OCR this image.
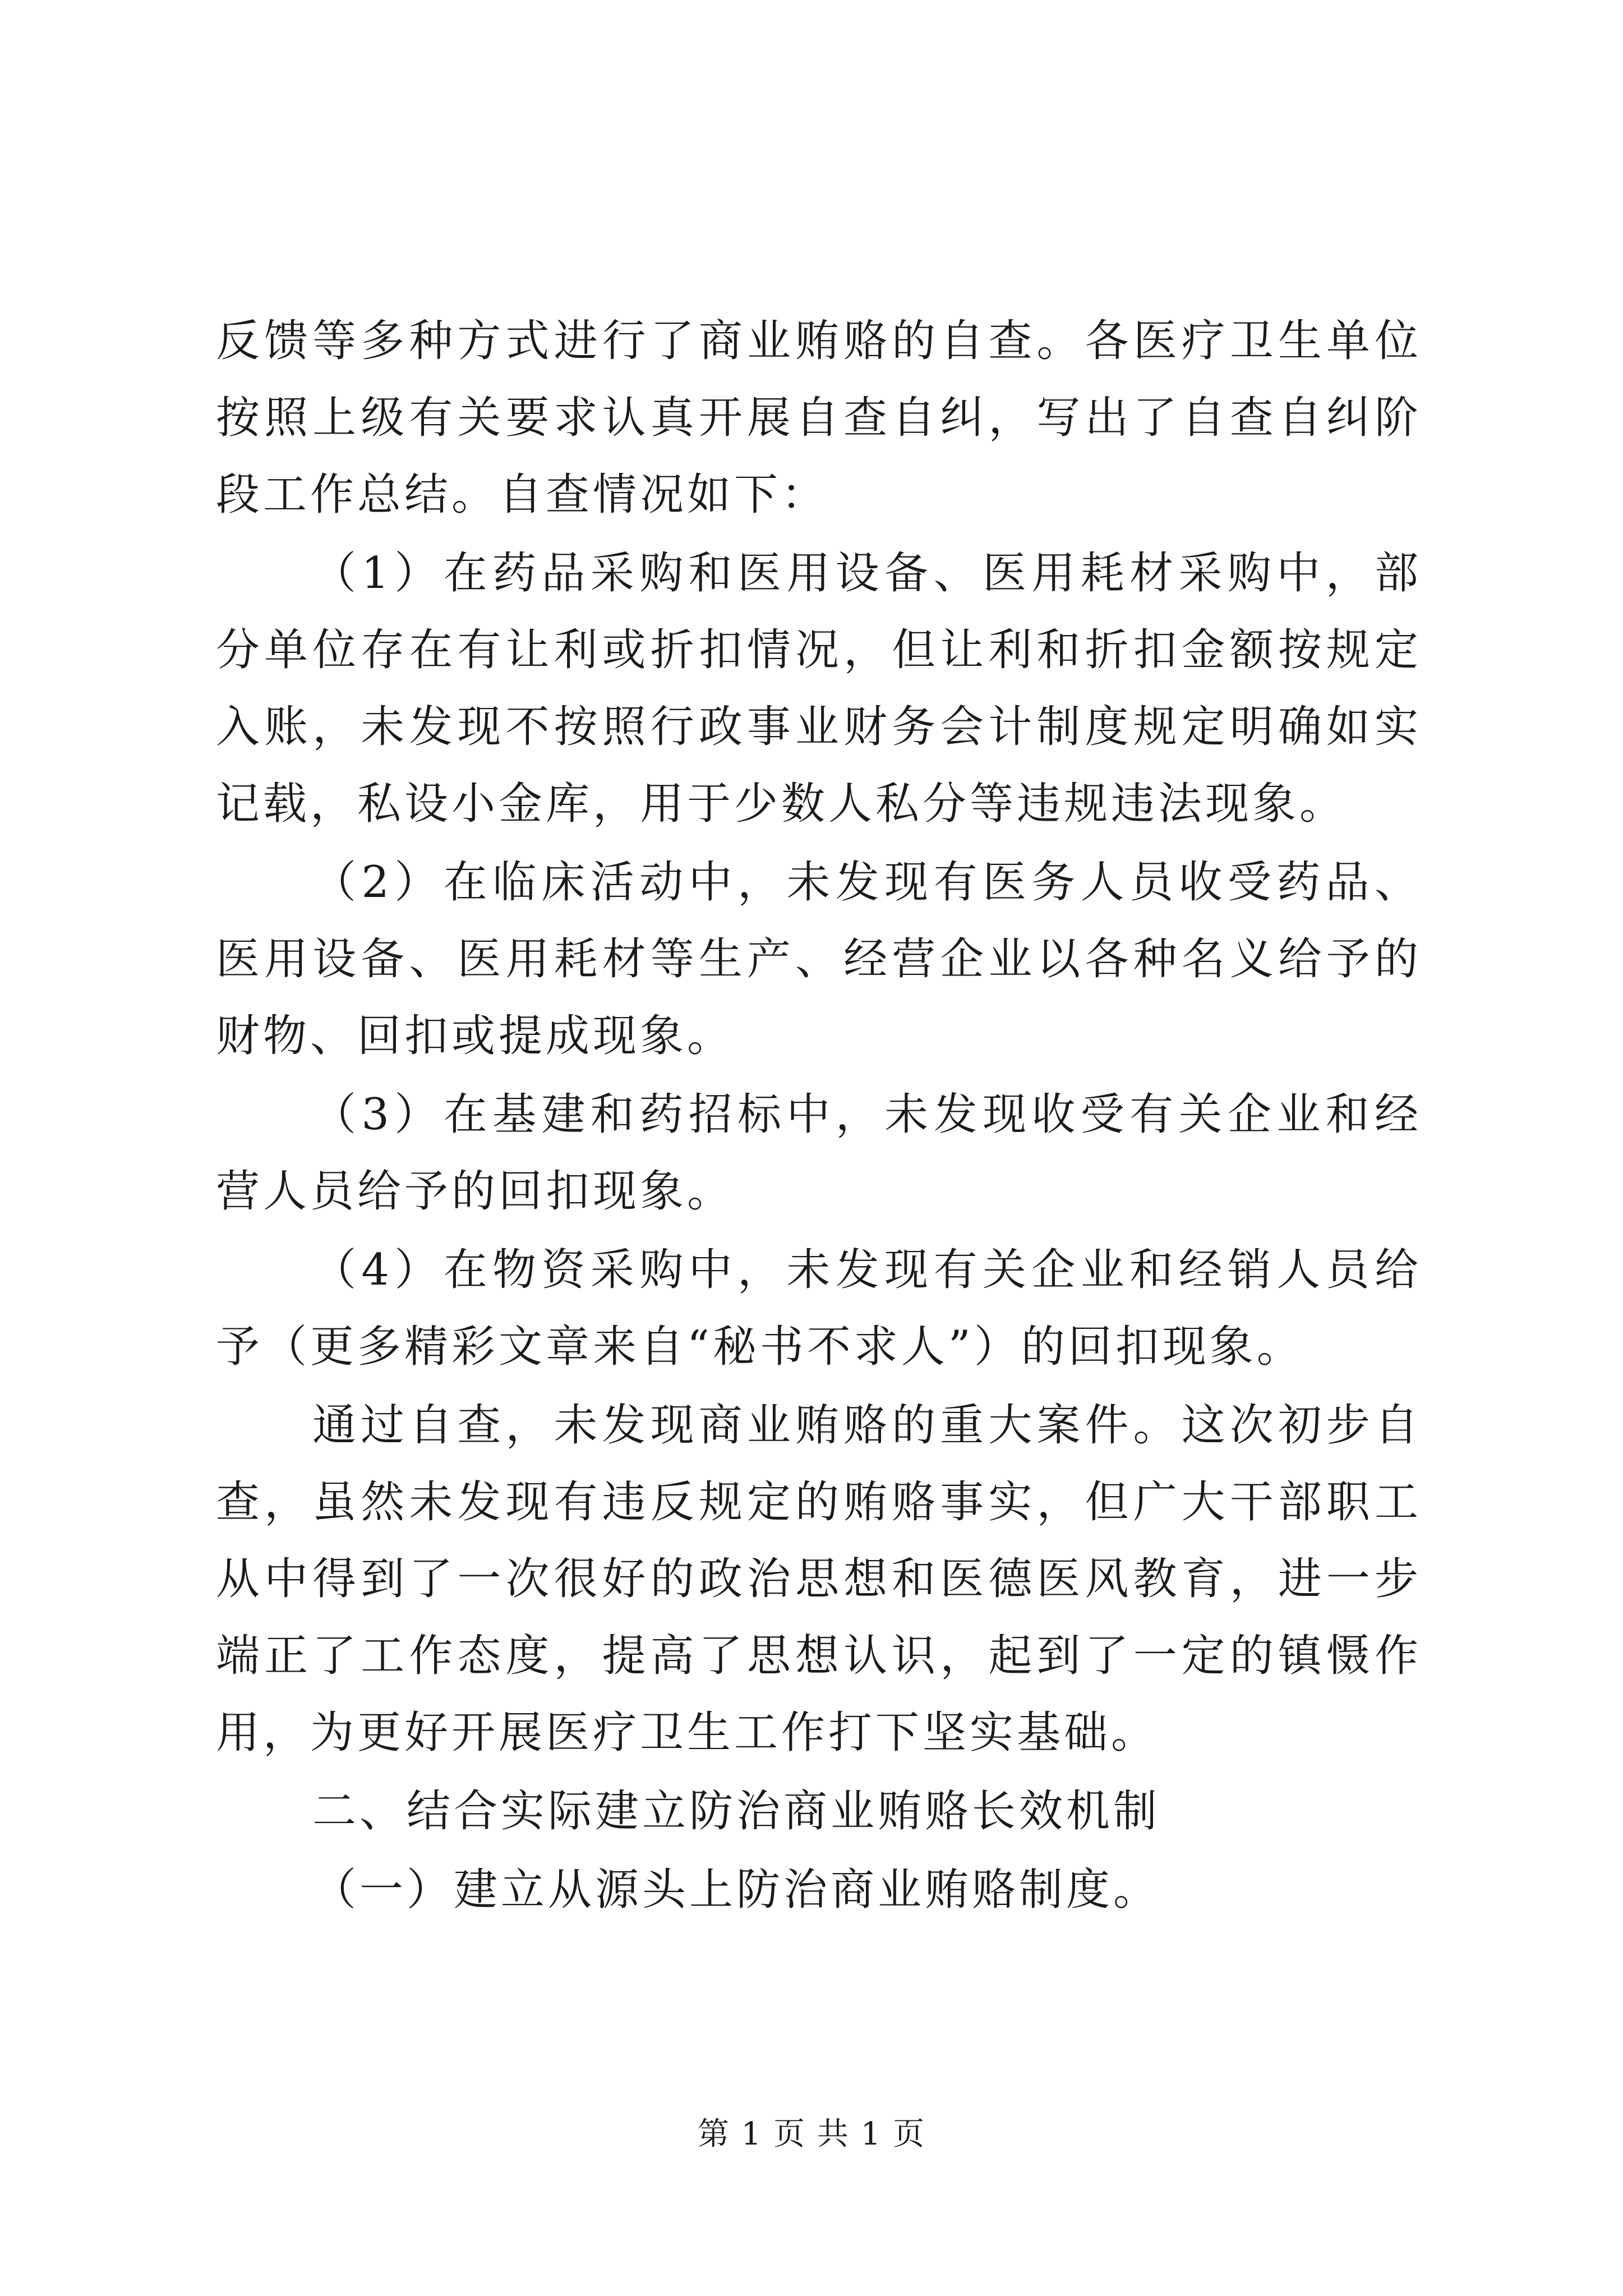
反馈等多种方式进行了商业贿赂的自查。各医疗卫生单位按照上级有关要求认真开展自查自纠，写出了自查自纠阶段工作总结。自查情况如下：

（1）在药品采购和医用设备、医用耗材采购中，部分单位存在有让利或折扣情况，但让利和折扣金额按规定入账，未发现不按照行政事业财务会计制度规定明确如实记载，私设小金库，用于少数人私分等违规违法现象。

（2）在临床活动中，未发现有医务人员收受药品、医用设备、医用耗材等生产、经营企业以各种名义给予的财物、回扣或提成现象。

（3）在基建和药招标中，未发现收受有关企业和经营人员给予的回扣现象。

（4）在物资采购中，未发现有关企业和经销人员给予（更多精彩文章来自“秘书不求人”）的回扣现象。

通过自查，未发现商业贿赂的重大案件。这次初步自查，虽然未发现有违反规定的贿赂事实，但广大干部职工从中得到了一次很好的政治思想和医德医风教育，进一步端正了工作态度，提高了思想认识，起到了一定的镇慑作用，为更好开展医疗卫生工作打下坚实基础。

二、结合实际建立防治商业贿赂长效机制

（一）建立从源头上防治商业贿赂制度。

第 1 页 共 1 页
